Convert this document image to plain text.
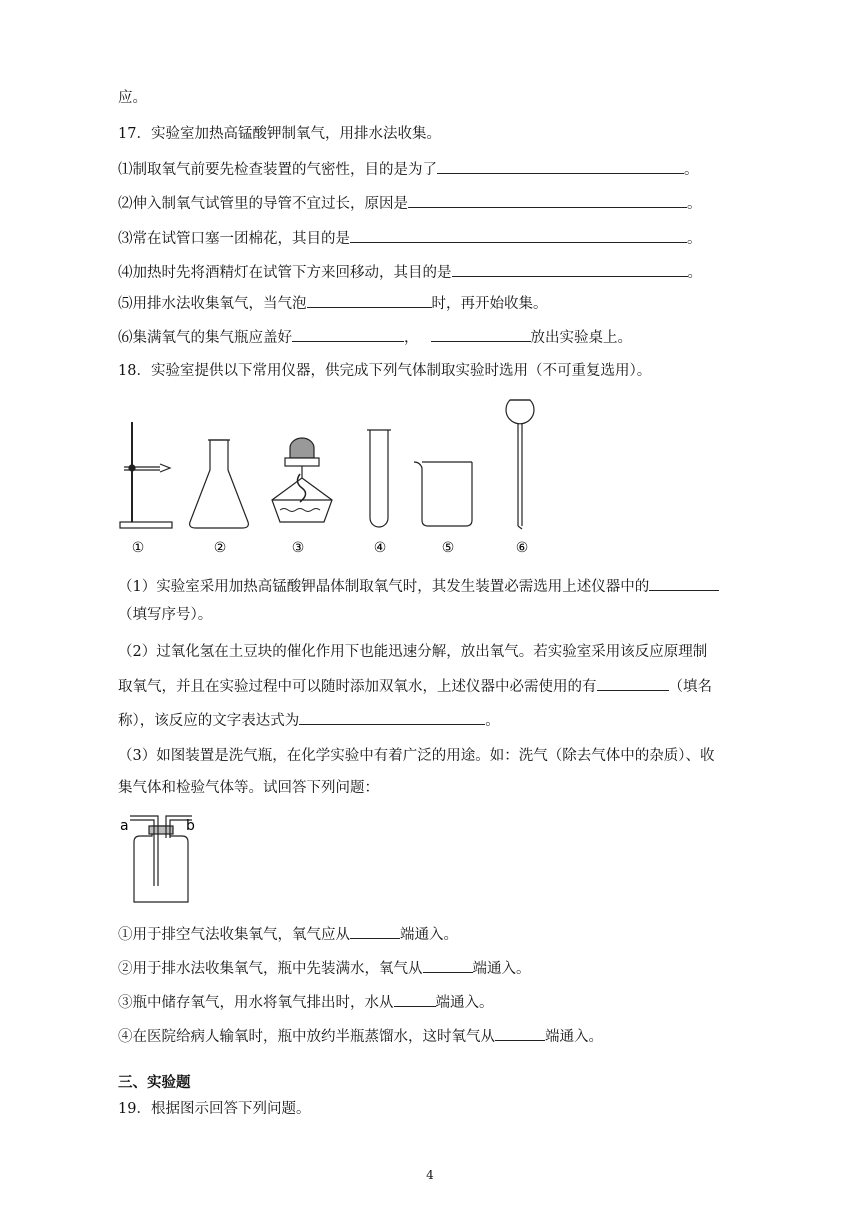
应。
17．实验室加热高锰酸钾制氧气，用排水法收集。
⑴制取氧气前要先检查装置的气密性，目的是为了	。
⑵伸入制氧气试管里的导管不宜过长，原因是	。
⑶常在试管口塞一团棉花，其目的是	。
⑷加热时先将酒精灯在试管下方来回移动，其目的是	。
⑸用排水法收集氧气，当气泡	时，再开始收集。
⑹集满氧气的集气瓶应盖好	，	放出实验桌上。
18．实验室提供以下常用仪器，供完成下列气体制取实验时选用（不可重复选用）。
①	②	③	④	⑤	⑥
（1）实验室采用加热高锰酸钾晶体制取氧气时，其发生装置必需选用上述仪器中的
（填写序号）。
（2）过氧化氢在土豆块的催化作用下也能迅速分解，放出氧气。若实验室采用该反应原理制
取氧气，并且在实验过程中可以随时添加双氧水，上述仪器中必需使用的有	（填名
称），该反应的文字表达式为	。
（3）如图装置是洗气瓶，在化学实验中有着广泛的用途。如：洗气（除去气体中的杂质）、收
集气体和检验气体等。试回答下列问题：
a	b
①用于排空气法收集氧气，氧气应从	端通入。
②用于排水法收集氧气，瓶中先装满水，氧气从	端通入。
③瓶中储存氧气，用水将氧气排出时，水从	端通入。
④在医院给病人输氧时，瓶中放约半瓶蒸馏水，这时氧气从	端通入。
三、实验题
19．根据图示回答下列问题。
4
